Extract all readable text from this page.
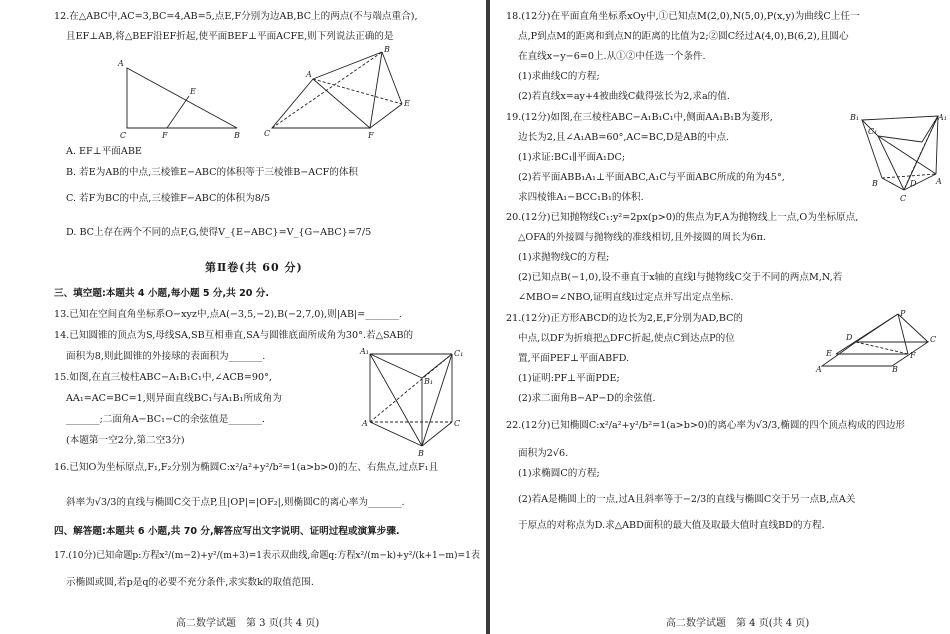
12.在△ABC中,AC=3,BC=4,AB=5,点E,F分别为边AB,BC上的两点(不与端点重合),
且EF⊥AB,将△BEF沿EF折起,使平面BEF⊥平面ACFE,则下列说法正确的是
A
E
C	F	B
A
B
E
C	F
A. EF⊥平面ABE
B. 若E为AB的中点,三棱锥E−ABC的体积等于三棱锥B−ACF的体积
C. 若F为BC的中点,三棱锥F−ABC的体积为8/5
D. BC上存在两个不同的点F,G,使得V_{E−ABC}=V_{G−ABC}=7/5
第Ⅱ卷(共 60 分)
三、填空题:本题共 4 小题,每小题 5 分,共 20 分.
13.已知在空间直角坐标系O−xyz中,点A(−3,5,−2),B(−2,7,0),则|AB|=_______.
14.已知圆锥的顶点为S,母线SA,SB互相垂直,SA与圆锥底面所成角为30°.若△SAB的
面积为8,则此圆锥的外接球的表面积为_______.
15.如图,在直三棱柱ABC−A₁B₁C₁中,∠ACB=90°,
AA₁=AC=BC=1,则异面直线BC₁与A₁B₁所成角为
_______;二面角A−BC₁−C的余弦值是_______.
(本题第一空2分,第二空3分)
A₁
B₁
C₁
A
B
C
16.已知O为坐标原点,F₁,F₂分别为椭圆C:x²/a²+y²/b²=1(a>b>0)的左、右焦点,过点F₁且
斜率为√3/3的直线与椭圆C交于点P,且|OP|=|OF₂|,则椭圆C的离心率为_______.
四、解答题:本题共 6 小题,共 70 分,解答应写出文字说明、证明过程或演算步骤.
17.(10分)已知命题p:方程x²/(m−2)+y²/(m+3)=1表示双曲线,命题q:方程x²/(m−k)+y²/(k+1−m)=1表
示椭圆或圆,若p是q的必要不充分条件,求实数k的取值范围.
高二数学试题　第 3 页(共 4 页)
18.(12分)在平面直角坐标系xOy中,①已知点M(2,0),N(5,0),P(x,y)为曲线C上任一
点,P到点M的距离和到点N的距离的比值为2;②圆C经过A(4,0),B(6,2),且圆心
在直线x−y−6=0上.从①②中任选一个条件.
(1)求曲线C的方程;
(2)若直线x=ay+4被曲线C截得弦长为2,求a的值.
19.(12分)如图,在三棱柱ABC−A₁B₁C₁中,侧面AA₁B₁B为菱形,
边长为2,且∠A₁AB=60°,AC=BC,D是AB的中点.
(1)求证:BC₁∥平面A₁DC;
(2)若平面ABB₁A₁⊥平面ABC,A₁C与平面ABC所成的角为45°,
求四棱锥A₁−BCC₁B₁的体积.
B₁
C₁
A₁
B
C
D A
20.(12分)已知抛物线C₁:y²=2px(p>0)的焦点为F,A为抛物线上一点,O为坐标原点,
△OFA的外接圆与抛物线的准线相切,且外接圆的周长为6π.
(1)求抛物线C的方程;
(2)已知点B(−1,0),设不垂直于x轴的直线l与抛物线C交于不同的两点M,N,若
∠MBO=∠NBO,证明直线l过定点并写出定点坐标.
21.(12分)正方形ABCD的边长为2,E,F分别为AD,BC的
中点,以DF为折痕把△DFC折起,使点C到达点P的位
置,平面PEF⊥平面ABFD.
(1)证明:PF⊥平面PDE;
(2)求二面角B−AP−D的余弦值.
P
D	C
E	F
A	B
22.(12分)已知椭圆C:x²/a²+y²/b²=1(a>b>0)的离心率为√3/3,椭圆的四个顶点构成的四边形
面积为2√6.
(1)求椭圆C的方程;
(2)若A是椭圆上的一点,过A且斜率等于−2/3的直线与椭圆C交于另一点B,点A关
于原点的对称点为D.求△ABD面积的最大值及取最大值时直线BD的方程.
高二数学试题　第 4 页(共 4 页)
